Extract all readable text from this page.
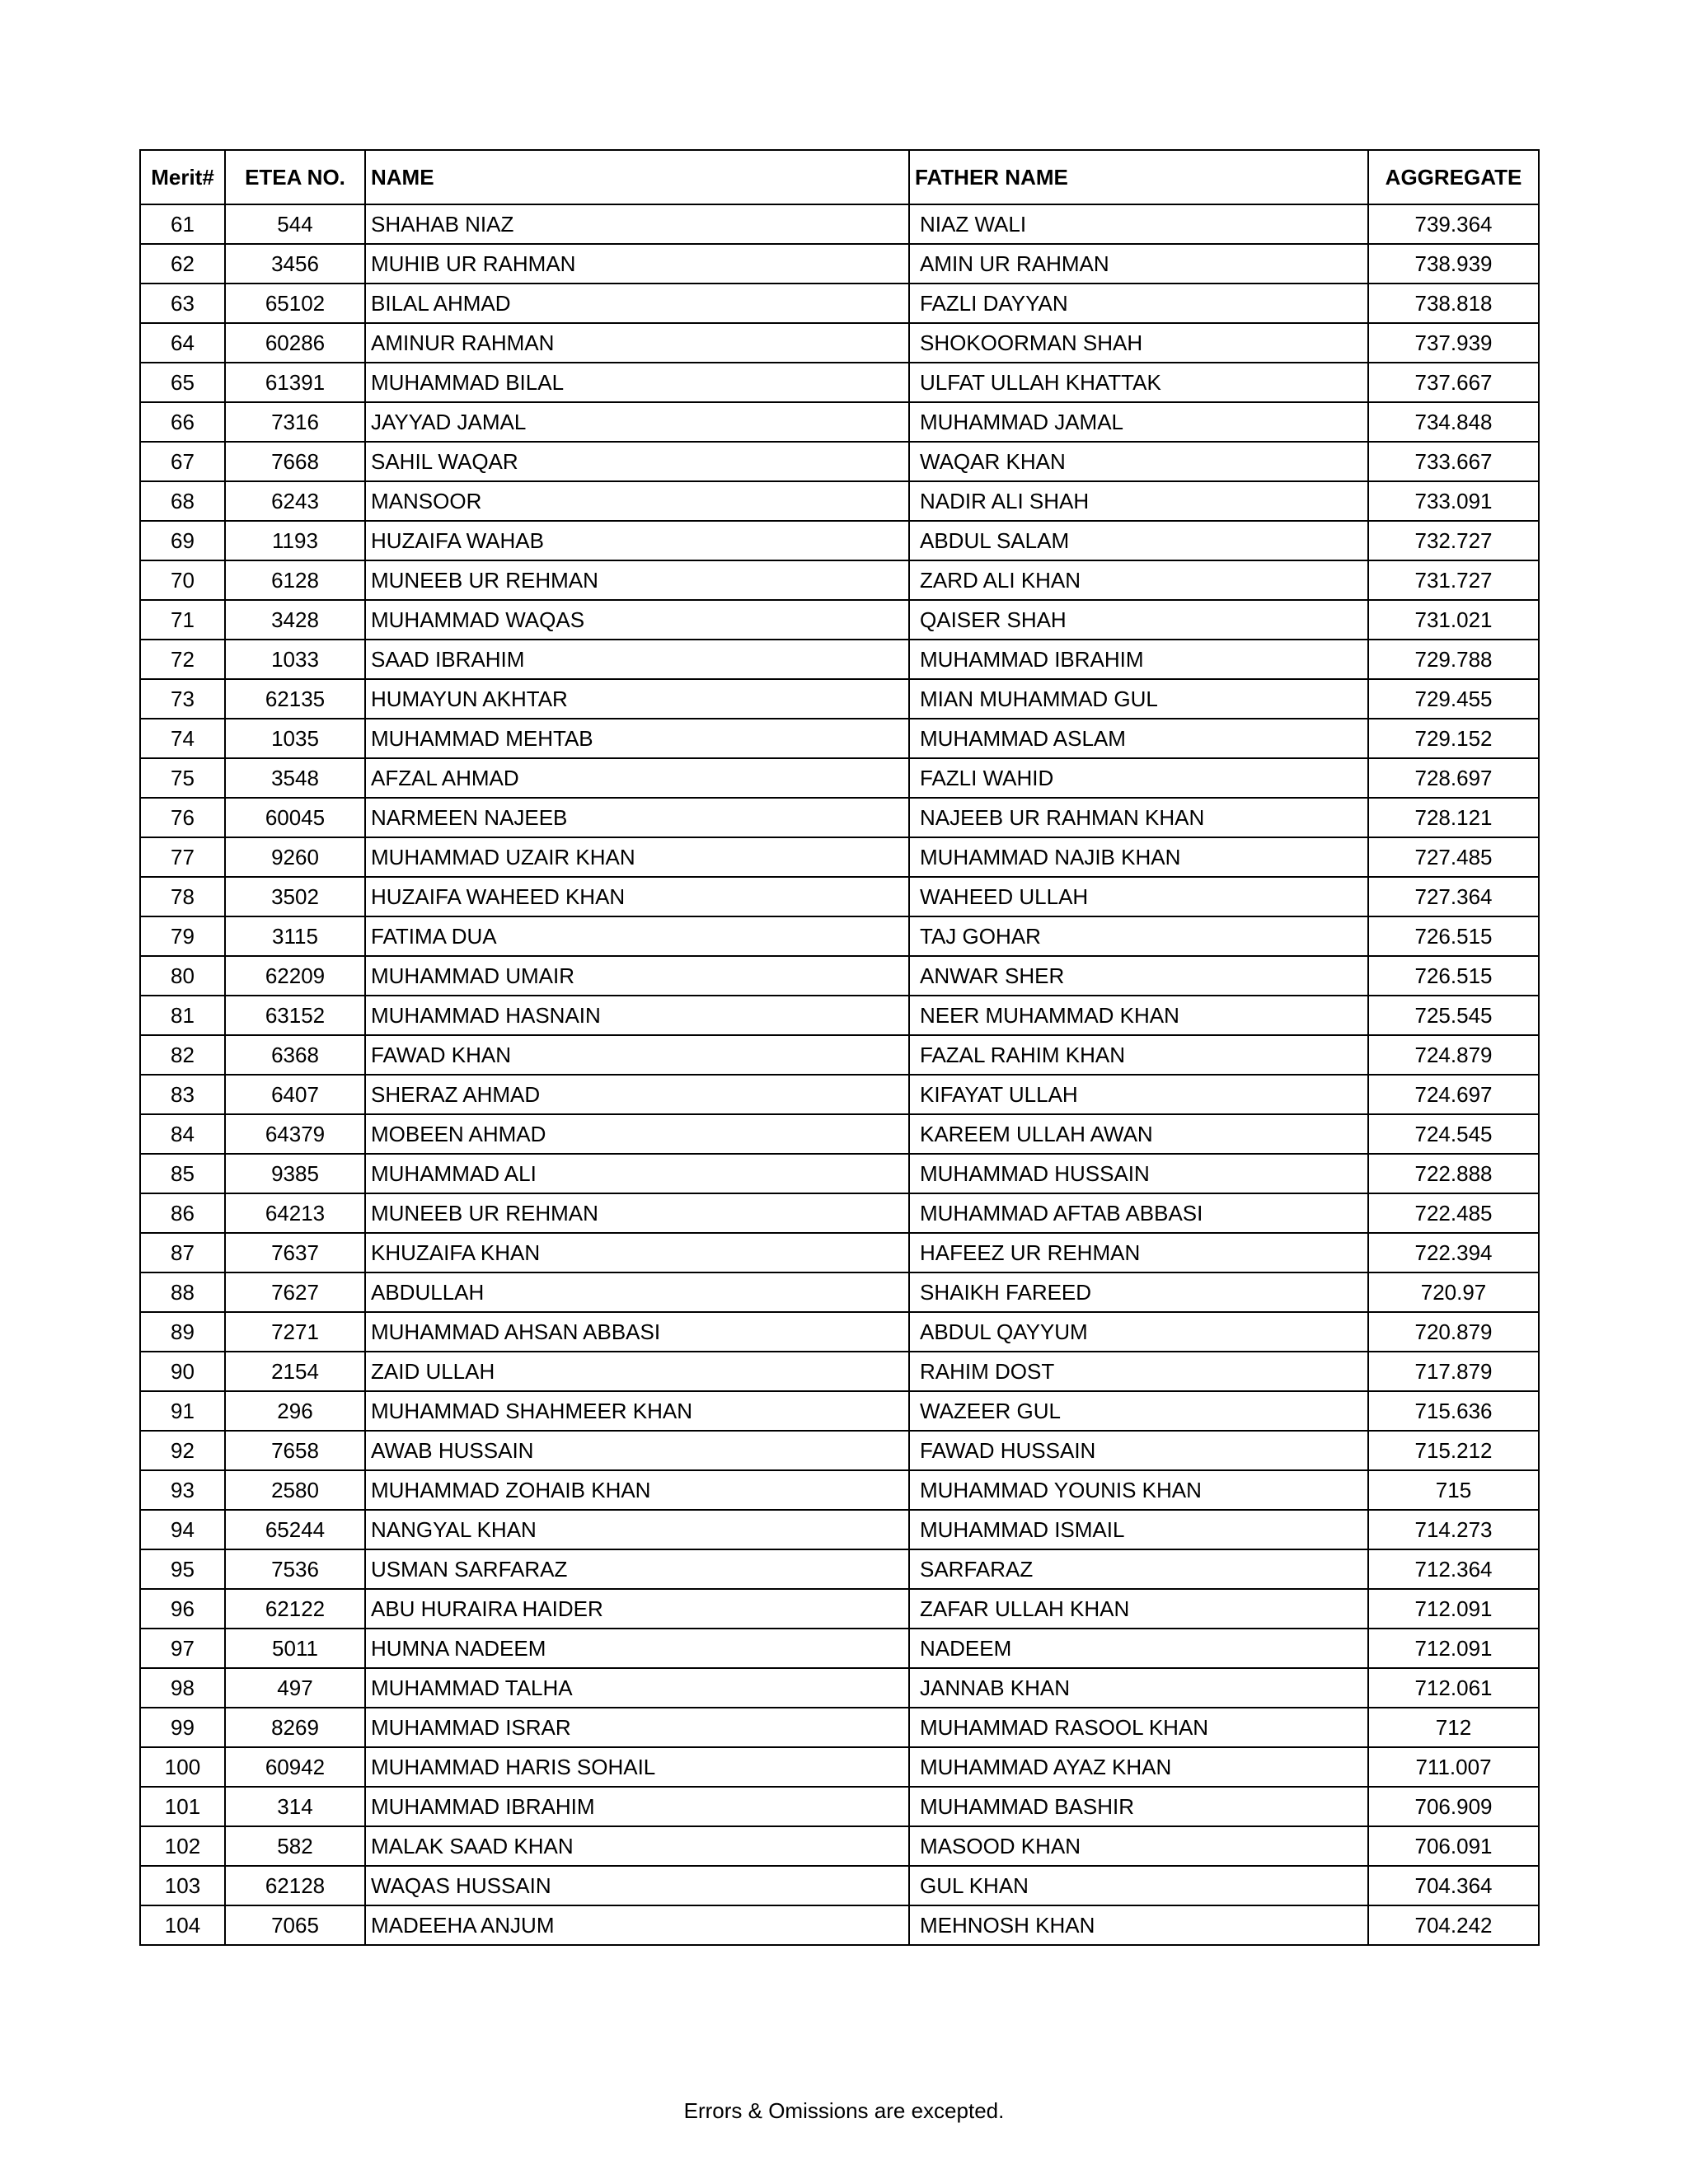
Merit#	ETEA NO.	NAME	FATHER NAME	AGGREGATE
61	544	SHAHAB NIAZ	NIAZ WALI	739.364
62	3456	MUHIB UR RAHMAN	AMIN UR RAHMAN	738.939
63	65102	BILAL AHMAD	FAZLI DAYYAN	738.818
64	60286	AMINUR RAHMAN	SHOKOORMAN SHAH	737.939
65	61391	MUHAMMAD BILAL	ULFAT ULLAH KHATTAK	737.667
66	7316	JAYYAD JAMAL	MUHAMMAD JAMAL	734.848
67	7668	SAHIL WAQAR	WAQAR KHAN	733.667
68	6243	MANSOOR	NADIR ALI SHAH	733.091
69	1193	HUZAIFA WAHAB	ABDUL SALAM	732.727
70	6128	MUNEEB UR REHMAN	ZARD ALI KHAN	731.727
71	3428	MUHAMMAD WAQAS	QAISER SHAH	731.021
72	1033	SAAD IBRAHIM	MUHAMMAD IBRAHIM	729.788
73	62135	HUMAYUN AKHTAR	MIAN MUHAMMAD GUL	729.455
74	1035	MUHAMMAD MEHTAB	MUHAMMAD ASLAM	729.152
75	3548	AFZAL AHMAD	FAZLI WAHID	728.697
76	60045	NARMEEN NAJEEB	NAJEEB UR RAHMAN KHAN	728.121
77	9260	MUHAMMAD UZAIR KHAN	MUHAMMAD NAJIB KHAN	727.485
78	3502	HUZAIFA WAHEED KHAN	WAHEED ULLAH	727.364
79	3115	FATIMA DUA	TAJ GOHAR	726.515
80	62209	MUHAMMAD UMAIR	ANWAR SHER	726.515
81	63152	MUHAMMAD HASNAIN	NEER MUHAMMAD KHAN	725.545
82	6368	FAWAD KHAN	FAZAL RAHIM KHAN	724.879
83	6407	SHERAZ AHMAD	KIFAYAT ULLAH	724.697
84	64379	MOBEEN AHMAD	KAREEM ULLAH AWAN	724.545
85	9385	MUHAMMAD ALI	MUHAMMAD HUSSAIN	722.888
86	64213	MUNEEB UR REHMAN	MUHAMMAD AFTAB ABBASI	722.485
87	7637	KHUZAIFA KHAN	HAFEEZ UR REHMAN	722.394
88	7627	ABDULLAH	SHAIKH FAREED	720.97
89	7271	MUHAMMAD AHSAN ABBASI	ABDUL QAYYUM	720.879
90	2154	ZAID ULLAH	RAHIM DOST	717.879
91	296	MUHAMMAD SHAHMEER KHAN	WAZEER GUL	715.636
92	7658	AWAB HUSSAIN	FAWAD HUSSAIN	715.212
93	2580	MUHAMMAD ZOHAIB KHAN	MUHAMMAD YOUNIS KHAN	715
94	65244	NANGYAL KHAN	MUHAMMAD ISMAIL	714.273
95	7536	USMAN SARFARAZ	SARFARAZ	712.364
96	62122	ABU HURAIRA HAIDER	ZAFAR ULLAH KHAN	712.091
97	5011	HUMNA NADEEM	NADEEM	712.091
98	497	MUHAMMAD TALHA	JANNAB KHAN	712.061
99	8269	MUHAMMAD ISRAR	MUHAMMAD RASOOL KHAN	712
100	60942	MUHAMMAD HARIS SOHAIL	MUHAMMAD AYAZ KHAN	711.007
101	314	MUHAMMAD IBRAHIM	MUHAMMAD BASHIR	706.909
102	582	MALAK SAAD KHAN	MASOOD KHAN	706.091
103	62128	WAQAS HUSSAIN	GUL KHAN	704.364
104	7065	MADEEHA ANJUM	MEHNOSH KHAN	704.242
Errors & Omissions are excepted.
